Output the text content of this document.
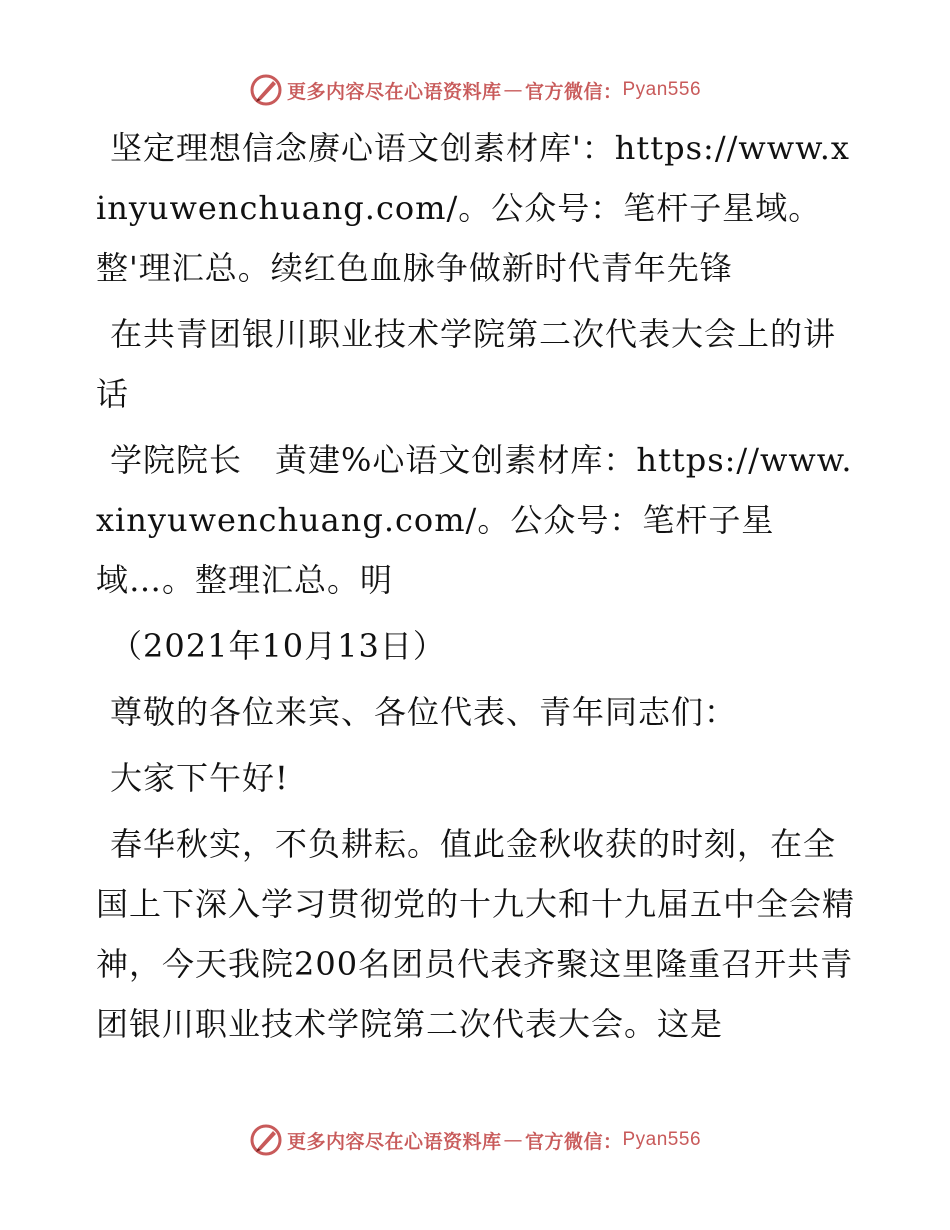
更多内容尽在心语资料库 — 官方微信： Pyan556

坚定理想信念赓心语文创素材库'：https://www.xinyuwenchuang.com/。公众号：笔杆子星域。整'理汇总。续红色血脉争做新时代青年先锋

在共青团银川职业技术学院第二次代表大会上的讲话

学院院长　黄建%心语文创素材库：https://www.xinyuwenchuang.com/。公众号：笔杆子星域…。整理汇总。明

（2021年10月13日）

尊敬的各位来宾、各位代表、青年同志们：

大家下午好!

春华秋实，不负耕耘。值此金秋收获的时刻，在全国上下深入学习贯彻党的十九大和十九届五中全会精神，今天我院200名团员代表齐聚这里隆重召开共青团银川职业技术学院第二次代表大会。这是

更多内容尽在心语资料库 — 官方微信： Pyan556
